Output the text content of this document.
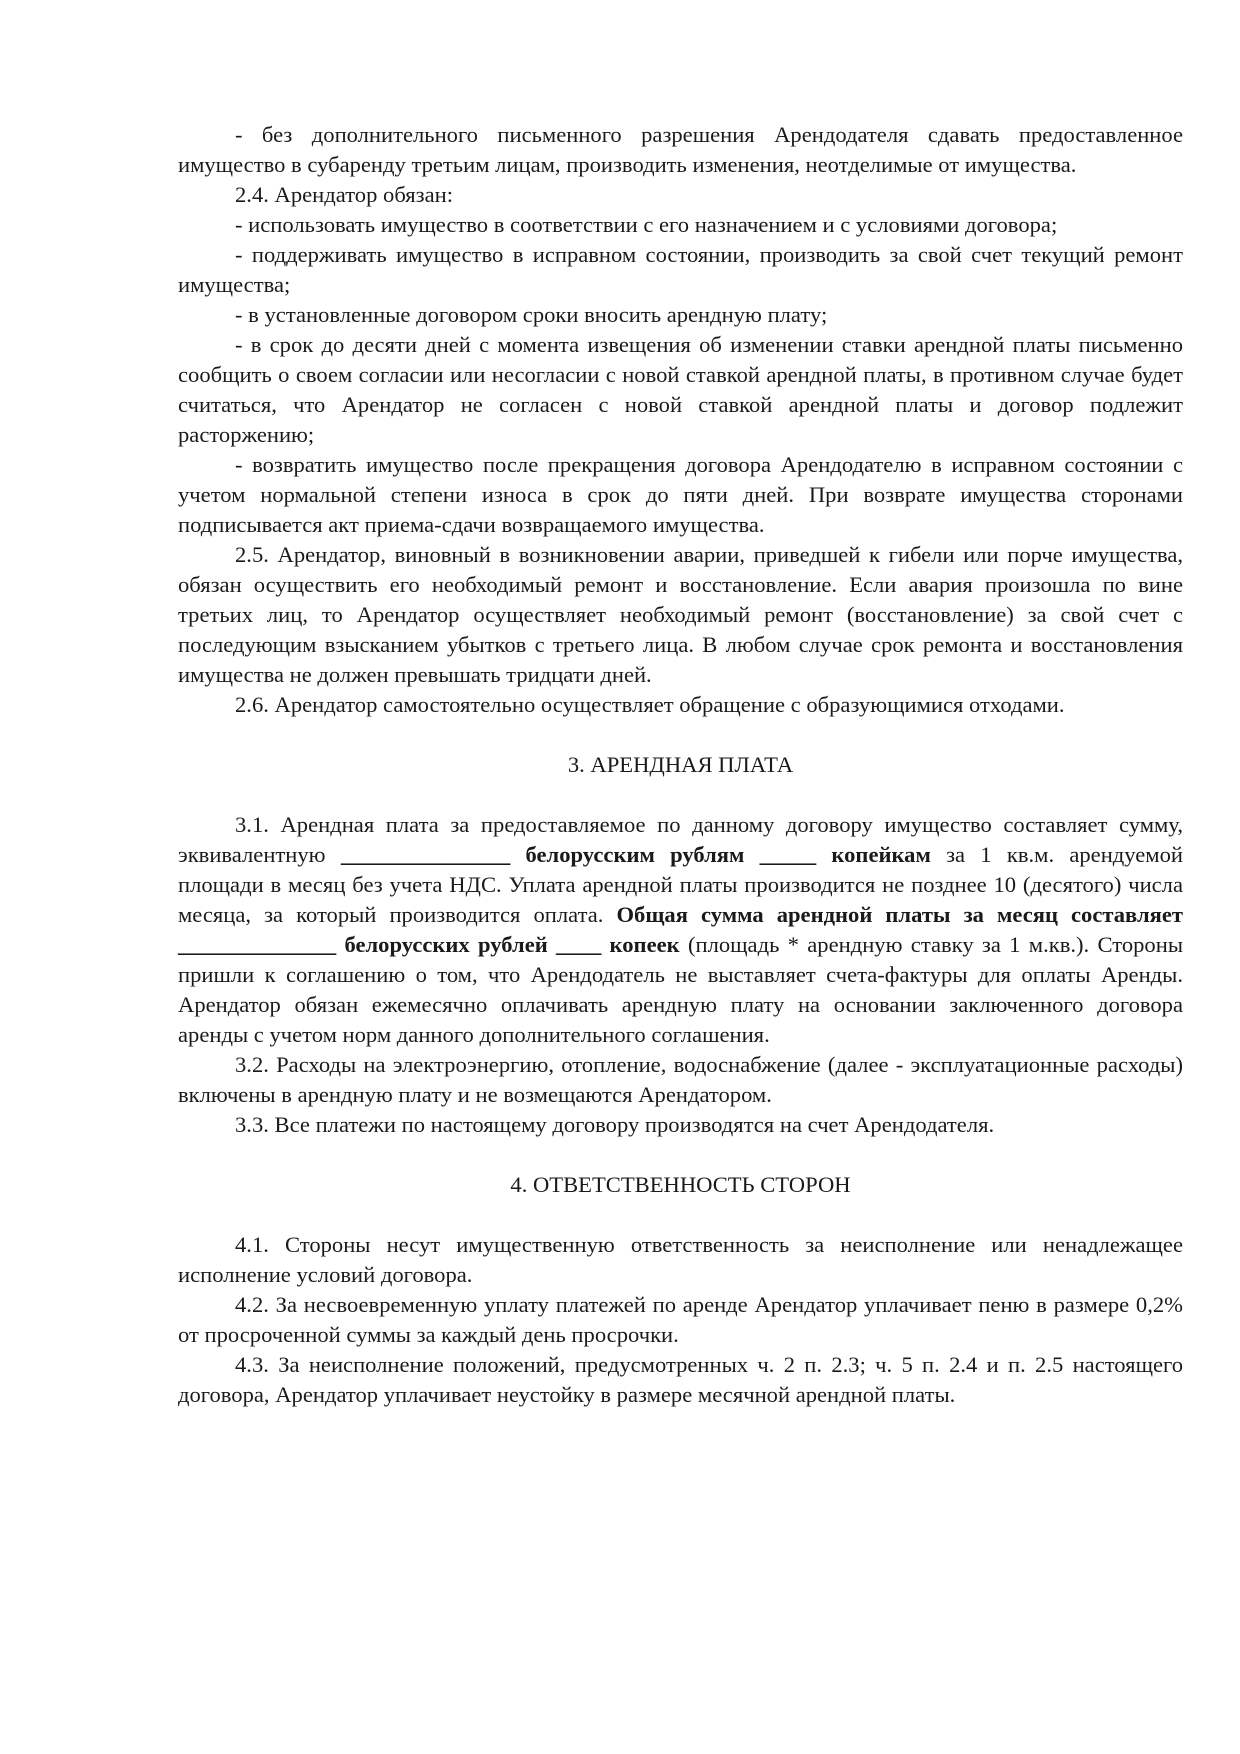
- без дополнительного письменного разрешения Арендодателя сдавать предоставленное имущество в субаренду третьим лицам, производить изменения, неотделимые от имущества.

2.4. Арендатор обязан:

- использовать имущество в соответствии с его назначением и с условиями договора;

- поддерживать имущество в исправном состоянии, производить за свой счет текущий ремонт имущества;

- в установленные договором сроки вносить арендную плату;

- в срок до десяти дней с момента извещения об изменении ставки арендной платы письменно сообщить о своем согласии или несогласии с новой ставкой арендной платы, в противном случае будет считаться, что Арендатор не согласен с новой ставкой арендной платы и договор подлежит расторжению;

- возвратить имущество после прекращения договора Арендодателю в исправном состоянии с учетом нормальной степени износа в срок до пяти дней. При возврате имущества сторонами подписывается акт приема-сдачи возвращаемого имущества.

2.5. Арендатор, виновный в возникновении аварии, приведшей к гибели или порче имущества, обязан осуществить его необходимый ремонт и восстановление. Если авария произошла по вине третьих лиц, то Арендатор осуществляет необходимый ремонт (восстановление) за свой счет с последующим взысканием убытков с третьего лица. В любом случае срок ремонта и восстановления имущества не должен превышать тридцати дней.

2.6. Арендатор самостоятельно осуществляет обращение с образующимися отходами.

3. АРЕНДНАЯ ПЛАТА

3.1. Арендная плата за предоставляемое по данному договору имущество составляет сумму, эквивалентную _______________ белорусским рублям _____ копейкам за 1 кв.м. арендуемой площади в месяц без учета НДС. Уплата арендной платы производится не позднее 10 (десятого) числа месяца, за который производится оплата. Общая сумма арендной платы за месяц составляет ______________ белорусских рублей ____ копеек (площадь * арендную ставку за 1 м.кв.). Стороны пришли к соглашению о том, что Арендодатель не выставляет счета-фактуры для оплаты Аренды. Арендатор обязан ежемесячно оплачивать арендную плату на основании заключенного договора аренды с учетом норм данного дополнительного соглашения.

3.2. Расходы на электроэнергию, отопление, водоснабжение (далее - эксплуатационные расходы) включены в арендную плату и не возмещаются Арендатором.

3.3. Все платежи по настоящему договору производятся на счет Арендодателя.

4. ОТВЕТСТВЕННОСТЬ СТОРОН

4.1. Стороны несут имущественную ответственность за неисполнение или ненадлежащее исполнение условий договора.

4.2. За несвоевременную уплату платежей по аренде Арендатор уплачивает пеню в размере 0,2% от просроченной суммы за каждый день просрочки.

4.3. За неисполнение положений, предусмотренных ч. 2 п. 2.3; ч. 5 п. 2.4 и п. 2.5 настоящего договора, Арендатор уплачивает неустойку в размере месячной арендной платы.
